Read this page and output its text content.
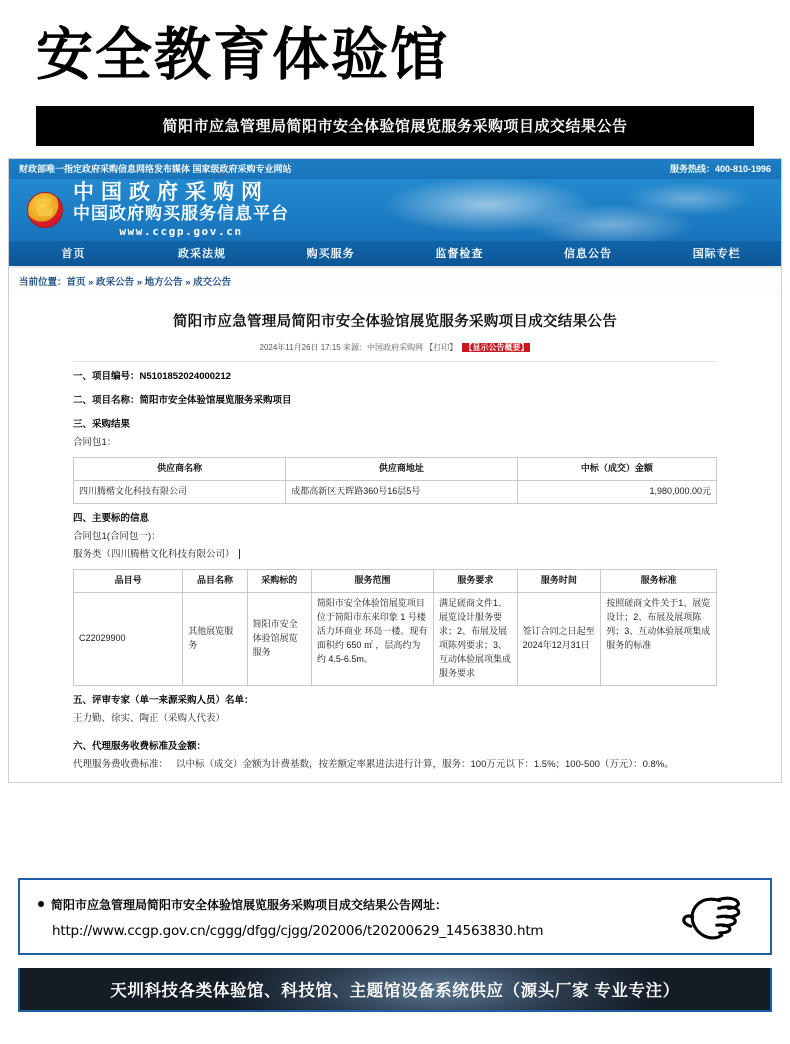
安全教育体验馆
简阳市应急管理局简阳市安全体验馆展览服务采购项目成交结果公告
财政部唯一指定政府采购信息网络发布媒体 国家级政府采购专业网站	服务热线：400-810-1996
中国政府采购网
中国政府购买服务信息平台
www.ccgp.gov.cn
首页	政采法规	购买服务	监督检查	信息公告	国际专栏
当前位置：首页 » 政采公告 » 地方公告 » 成交公告
简阳市应急管理局简阳市安全体验馆展览服务采购项目成交结果公告
2024年11月26日 17:15 来源：中国政府采购网 【打印】 【显示公告概要】
一、项目编号：N5101852024000212
二、项目名称：简阳市安全体验馆展览服务采购项目
三、采购结果
合同包1：
供应商名称	供应商地址	中标（成交）金额
四川腾楷文化科技有限公司	成都高新区天晖路360号16层5号	1,980,000.00元
四、主要标的信息
合同包1(合同包一)：
服务类（四川腾楷文化科技有限公司）
品目号	品目名称	采购标的	服务范围	服务要求	服务时间	服务标准
C22029900	其他展览服务	简阳市安全体验馆展览服务	简阳市安全体验馆展览项目位于简阳市东来印象 1 号楼活力环商业 环岛一楼。现有面积约 650 ㎡ ，层高约为约 4.5-6.5m。	满足磋商文件1、展览设计服务要求；2、布展及展项陈列要求；3、互动体验展项集成服务要求	签订合同之日起至2024年12月31日	按照磋商文件关于1、展览设计；2、布展及展项陈列；3、互动体验展项集成服务的标准
五、评审专家（单一来源采购人员）名单：
王力勤、徐实、陶正（采购人代表）
六、代理服务收费标准及金额：
代理服务费收费标准： 以中标（成交）金额为计费基数，按差额定率累进法进行计算，服务：100万元以下：1.5%；100-500（万元）：0.8%。
简阳市应急管理局简阳市安全体验馆展览服务采购项目成交结果公告网址：
http://www.ccgp.gov.cn/cggg/dfgg/cjgg/202006/t20200629_14563830.htm
天圳科技各类体验馆、科技馆、主题馆设备系统供应（源头厂家 专业专注）
